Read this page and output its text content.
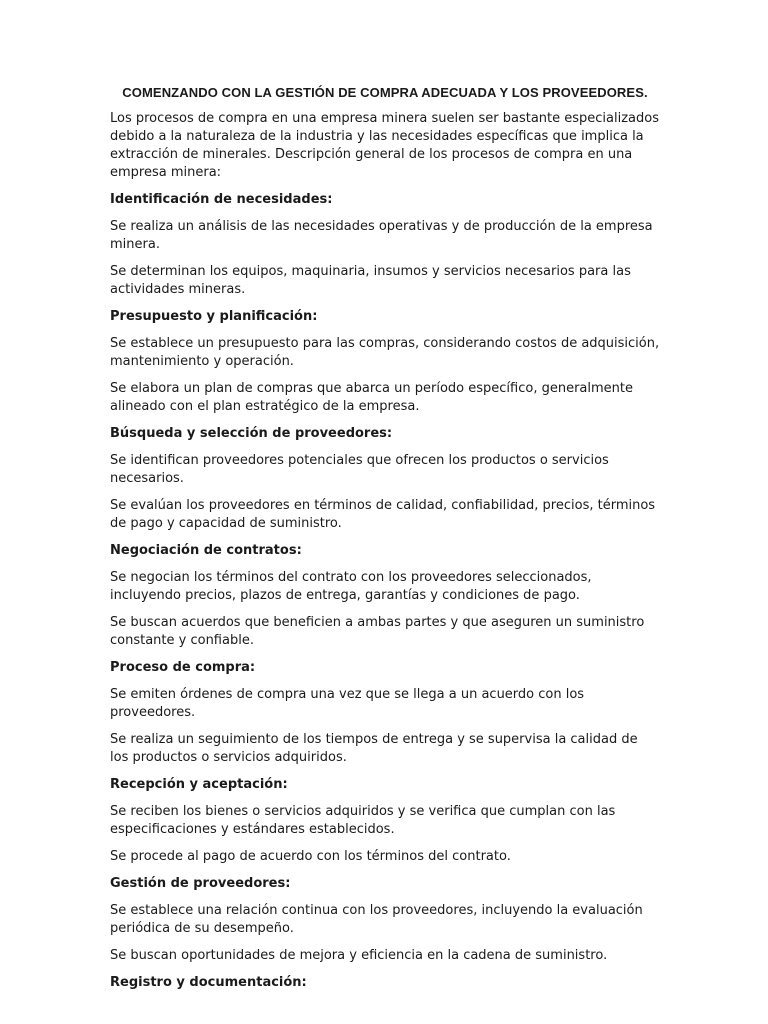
COMENZANDO CON LA GESTIÓN DE COMPRA ADECUADA Y LOS PROVEEDORES.
Los procesos de compra en una empresa minera suelen ser bastante especializados debido a la naturaleza de la industria y las necesidades específicas que implica la extracción de minerales. Descripción general de los procesos de compra en una empresa minera:
Identificación de necesidades:
Se realiza un análisis de las necesidades operativas y de producción de la empresa minera.
Se determinan los equipos, maquinaria, insumos y servicios necesarios para las actividades mineras.
Presupuesto y planificación:
Se establece un presupuesto para las compras, considerando costos de adquisición, mantenimiento y operación.
Se elabora un plan de compras que abarca un período específico, generalmente alineado con el plan estratégico de la empresa.
Búsqueda y selección de proveedores:
Se identifican proveedores potenciales que ofrecen los productos o servicios necesarios.
Se evalúan los proveedores en términos de calidad, confiabilidad, precios, términos de pago y capacidad de suministro.
Negociación de contratos:
Se negocian los términos del contrato con los proveedores seleccionados, incluyendo precios, plazos de entrega, garantías y condiciones de pago.
Se buscan acuerdos que beneficien a ambas partes y que aseguren un suministro constante y confiable.
Proceso de compra:
Se emiten órdenes de compra una vez que se llega a un acuerdo con los proveedores.
Se realiza un seguimiento de los tiempos de entrega y se supervisa la calidad de los productos o servicios adquiridos.
Recepción y aceptación:
Se reciben los bienes o servicios adquiridos y se verifica que cumplan con las especificaciones y estándares establecidos.
Se procede al pago de acuerdo con los términos del contrato.
Gestión de proveedores:
Se establece una relación continua con los proveedores, incluyendo la evaluación periódica de su desempeño.
Se buscan oportunidades de mejora y eficiencia en la cadena de suministro.
Registro y documentación:
